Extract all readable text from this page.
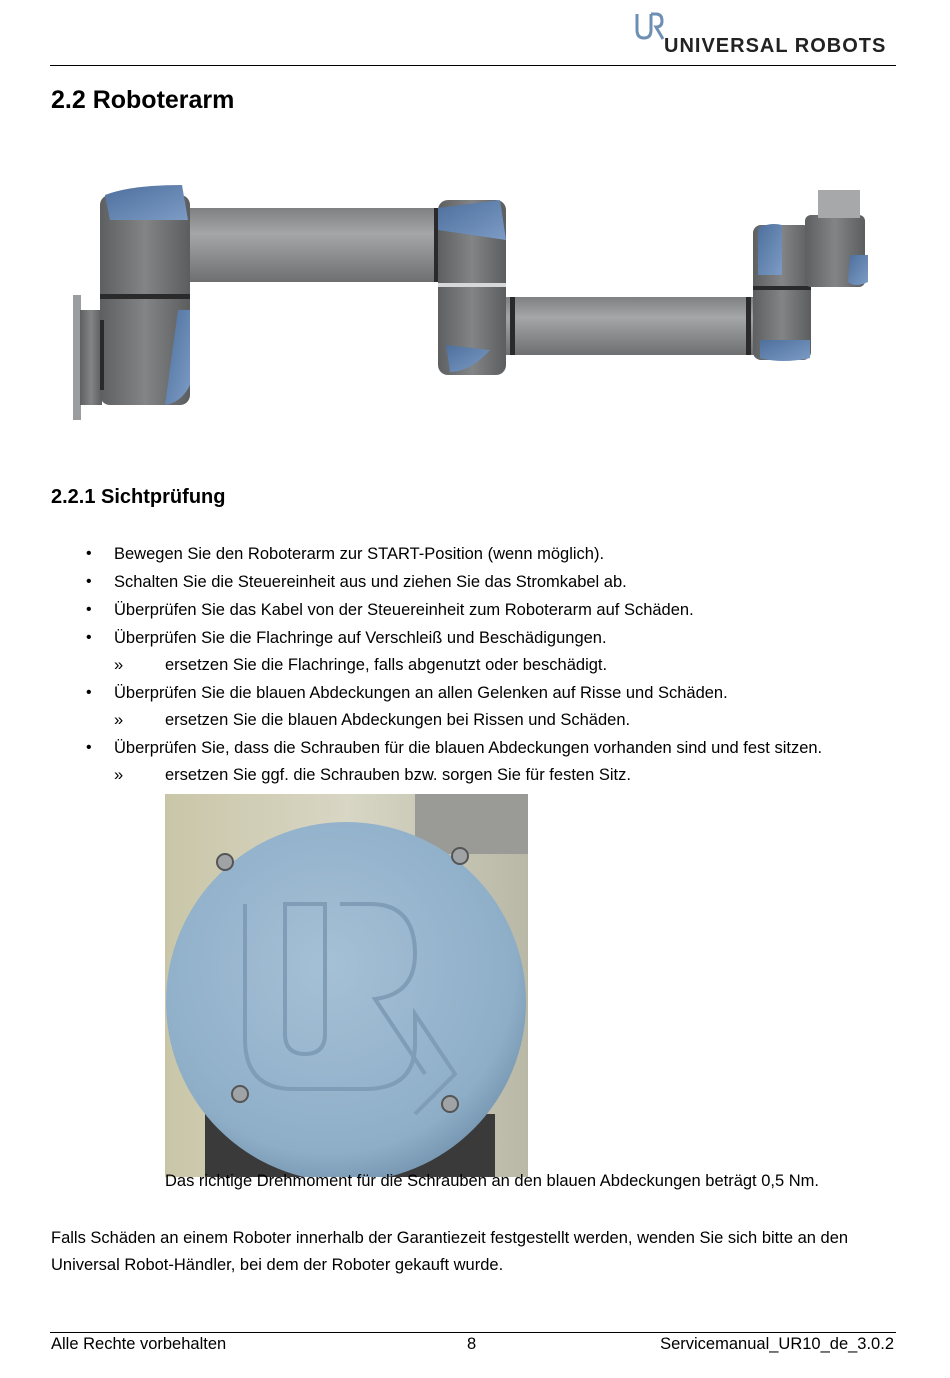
UNIVERSAL ROBOTS
2.2 Roboterarm
2.2.1 Sichtprüfung
• Bewegen Sie den Roboterarm zur START-Position (wenn möglich).
• Schalten Sie die Steuereinheit aus und ziehen Sie das Stromkabel ab.
• Überprüfen Sie das Kabel von der Steuereinheit zum Roboterarm auf Schäden.
• Überprüfen Sie die Flachringe auf Verschleiß und Beschädigungen.
»	ersetzen Sie die Flachringe, falls abgenutzt oder beschädigt.
• Überprüfen Sie die blauen Abdeckungen an allen Gelenken auf Risse und Schäden.
»	ersetzen Sie die blauen Abdeckungen bei Rissen und Schäden.
• Überprüfen Sie, dass die Schrauben für die blauen Abdeckungen vorhanden sind und fest sitzen.
»	ersetzen Sie ggf. die Schrauben bzw. sorgen Sie für festen Sitz.
Das richtige Drehmoment für die Schrauben an den blauen Abdeckungen beträgt 0,5 Nm.

Falls Schäden an einem Roboter innerhalb der Garantiezeit festgestellt werden, wenden Sie sich bitte an den Universal Robot-Händler, bei dem der Roboter gekauft wurde.

Alle Rechte vorbehalten	8	Servicemanual_UR10_de_3.0.2
